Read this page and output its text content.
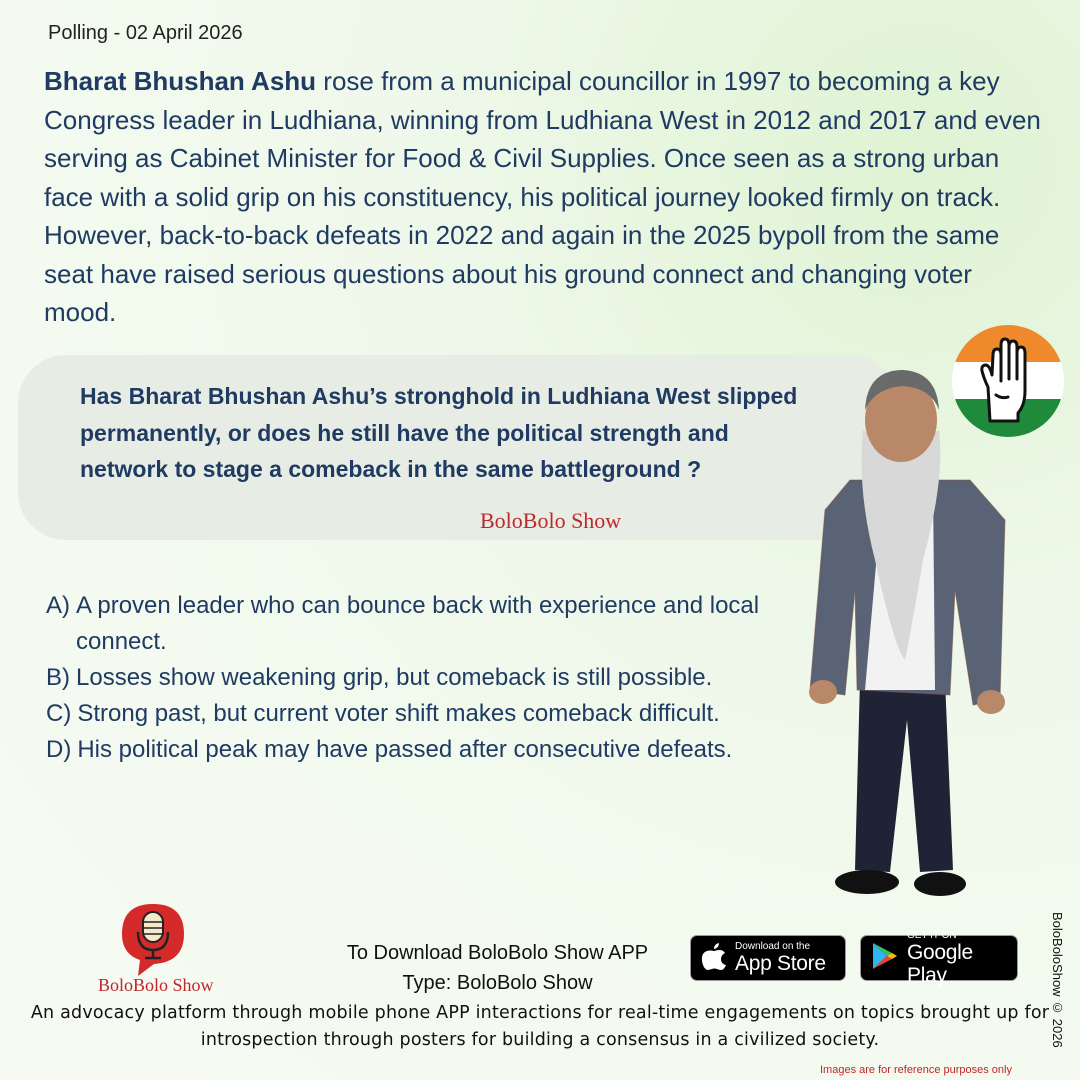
Polling - 02 April 2026
Bharat Bhushan Ashu rose from a municipal councillor in 1997 to becoming a key Congress leader in Ludhiana, winning from Ludhiana West in 2012 and 2017 and even serving as Cabinet Minister for Food & Civil Supplies. Once seen as a strong urban face with a solid grip on his constituency, his political journey looked firmly on track. However, back-to-back defeats in 2022 and again in the 2025 bypoll from the same seat have raised serious questions about his ground connect and changing voter mood.
Has Bharat Bhushan Ashu’s stronghold in Ludhiana West slipped permanently, or does he still have the political strength and network to stage a comeback in the same battleground ?
BoloBolo Show
A) A proven leader who can bounce back with experience and local connect.
B) Losses show weakening grip, but comeback is still possible.
C) Strong past, but current voter shift makes comeback difficult.
D) His political peak may have passed after consecutive defeats.
BoloBolo Show
To Download BoloBolo Show APP
Type: BoloBolo Show
Download on the
App Store
GET IT ON
Google Play
An advocacy platform through mobile phone APP interactions for real-time engagements on topics brought up for introspection through posters for building a consensus in a civilized society.	BoloBoloShow © 2026
Images are for reference purposes only
